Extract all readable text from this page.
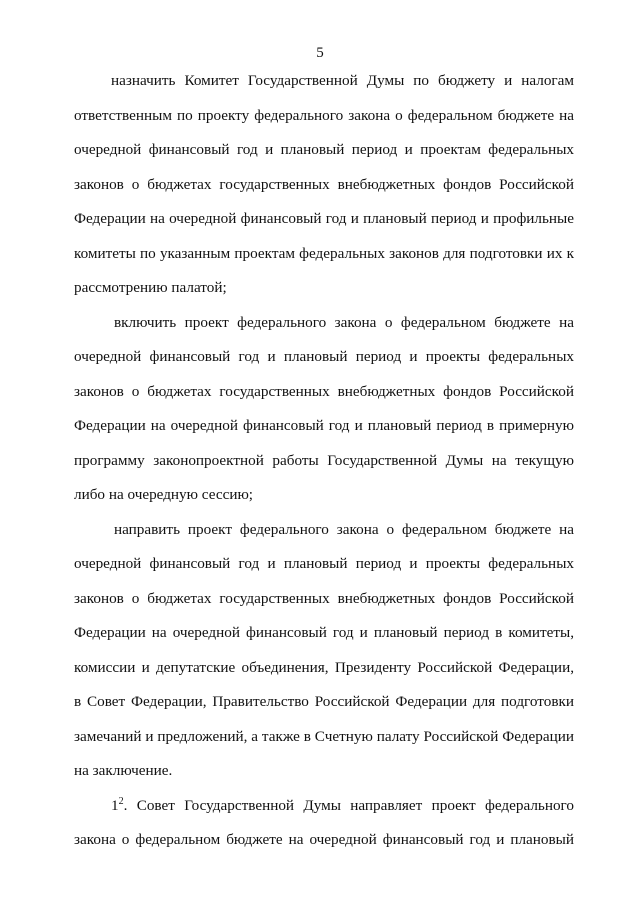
5

назначить Комитет Государственной Думы по бюджету и налогам
ответственным по проекту федерального закона о федеральном бюджете на
очередной финансовый год и плановый период и проектам федеральных
законов о бюджетах государственных внебюджетных фондов Российской
Федерации на очередной финансовый год и плановый период и профильные
комитеты по указанным проектам федеральных законов для подготовки их к
рассмотрению палатой;

включить проект федерального закона о федеральном бюджете на
очередной финансовый год и плановый период и проекты федеральных
законов о бюджетах государственных внебюджетных фондов Российской
Федерации на очередной финансовый год и плановый период в примерную
программу законопроектной работы Государственной Думы на текущую
либо на очередную сессию;

направить проект федерального закона о федеральном бюджете на
очередной финансовый год и плановый период и проекты федеральных
законов о бюджетах государственных внебюджетных фондов Российской
Федерации на очередной финансовый год и плановый период в комитеты,
комиссии и депутатские объединения, Президенту Российской Федерации,
в Совет Федерации, Правительство Российской Федерации для подготовки
замечаний и предложений, а также в Счетную палату Российской Федерации
на заключение.

$1^2$. Совет Государственной Думы направляет проект федерального
закона о федеральном бюджете на очередной финансовый год и плановый
